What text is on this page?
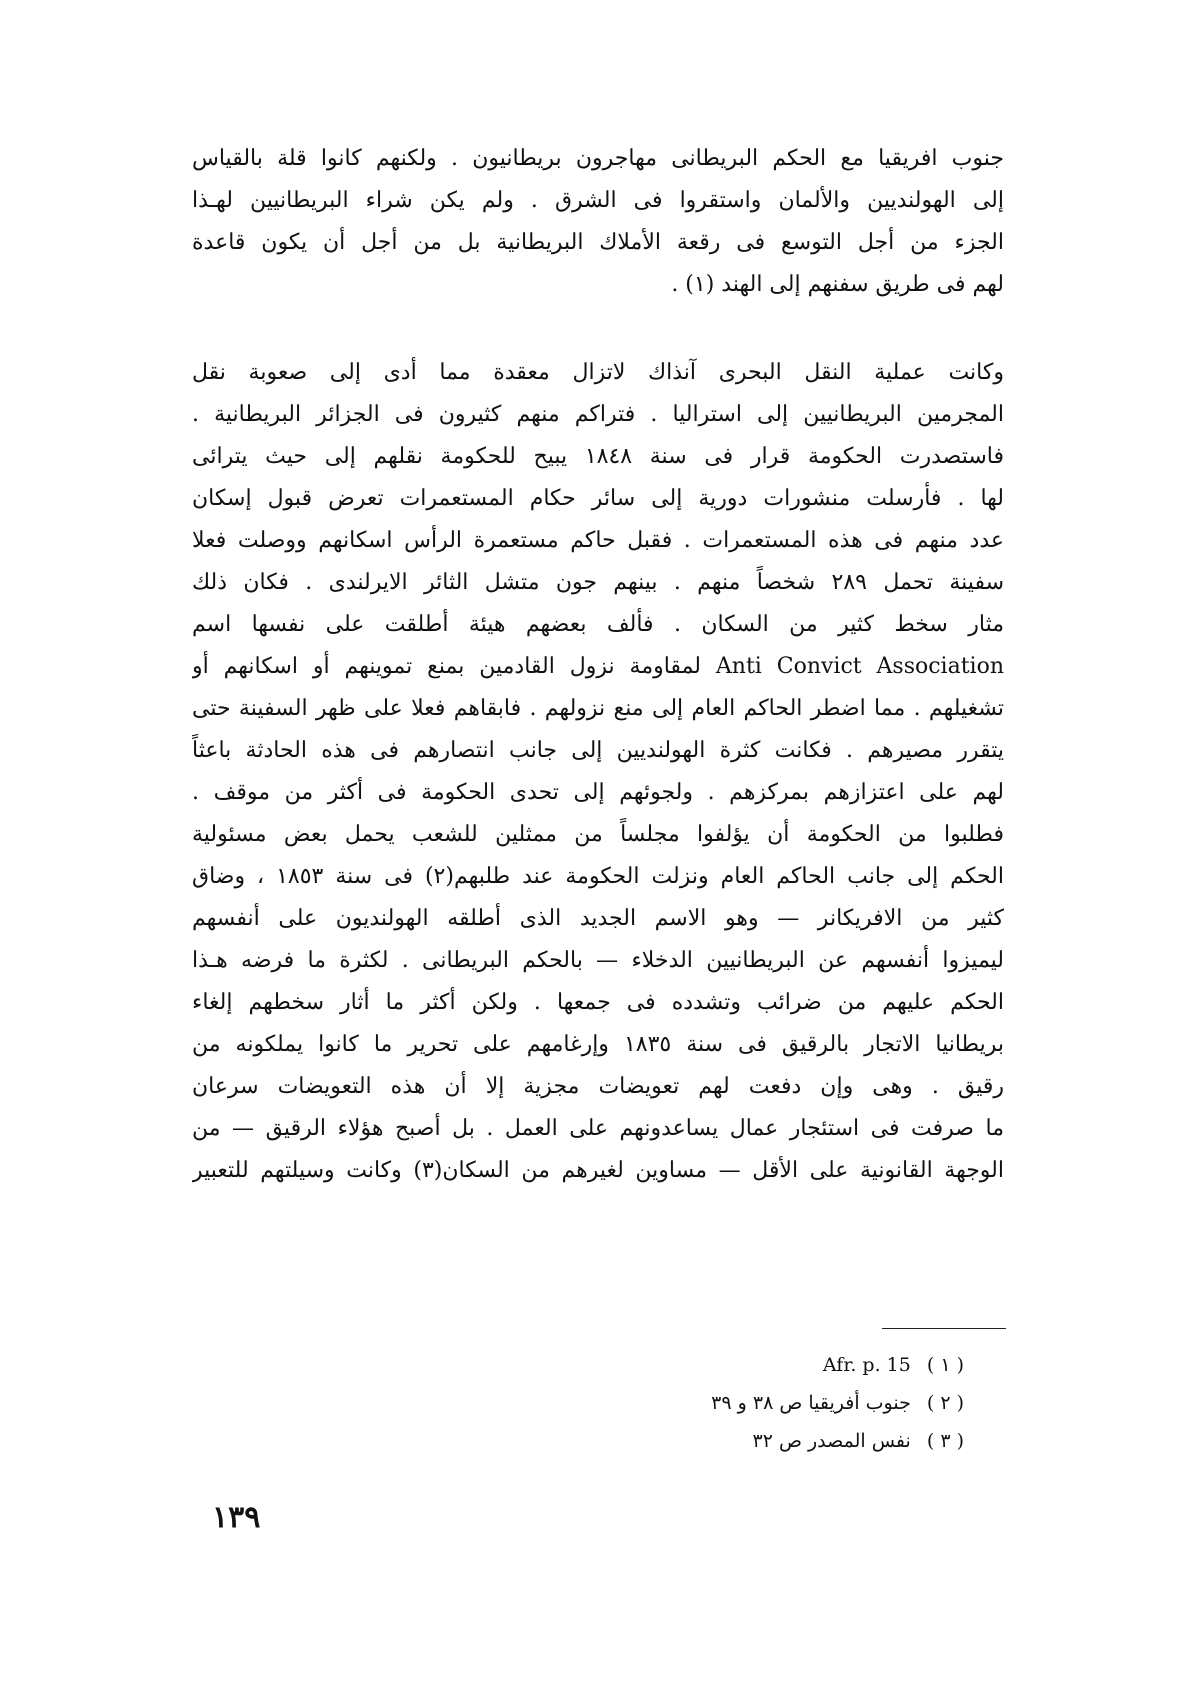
جنوب افريقيا مع الحكم البريطانى مهاجرون بريطانيون . ولكنهم كانوا قلة بالقياس
إلى الهولنديين والألمان واستقروا فى الشرق . ولم يكن شراء البريطانيين لهـذا
الجزء من أجل التوسع فى رقعة الأملاك البريطانية بل من أجل أن يكون قاعدة
لهم فى طريق سفنهم إلى الهند (١) .
وكانت عملية النقل البحرى آنذاك لاتزال معقدة مما أدى إلى صعوبة نقل
المجرمين البريطانيين إلى استراليا . فتراكم منهم كثيرون فى الجزائر البريطانية .
فاستصدرت الحكومة قرار فى سنة ١٨٤٨ يبيح للحكومة نقلهم إلى حيث يترائى
لها . فأرسلت منشورات دورية إلى سائر حكام المستعمرات تعرض قبول إسكان
عدد منهم فى هذه المستعمرات . فقبل حاكم مستعمرة الرأس اسكانهم ووصلت فعلا
سفينة تحمل ٢٨٩ شخصاً منهم . بينهم جون متشل الثائر الايرلندى . فكان ذلك
مثار سخط كثير من السكان . فألف بعضهم هيئة أطلقت على نفسها اسم
Anti Convict Association لمقاومة نزول القادمين بمنع تموينهم أو اسكانهم أو
تشغيلهم . مما اضطر الحاكم العام إلى منع نزولهم . فابقاهم فعلا على ظهر السفينة حتى
يتقرر مصيرهم . فكانت كثرة الهولنديين إلى جانب انتصارهم فى هذه الحادثة باعثاً
لهم على اعتزازهم بمركزهم . ولجوئهم إلى تحدى الحكومة فى أكثر من موقف .
فطلبوا من الحكومة أن يؤلفوا مجلساً من ممثلين للشعب يحمل بعض مسئولية
الحكم إلى جانب الحاكم العام ونزلت الحكومة عند طلبهم(٢) فى سنة ١٨٥٣ ، وضاق
كثير من الافريكانر — وهو الاسم الجديد الذى أطلقه الهولنديون على أنفسهم
ليميزوا أنفسهم عن البريطانيين الدخلاء — بالحكم البريطانى . لكثرة ما فرضه هـذا
الحكم عليهم من ضرائب وتشدده فى جمعها . ولكن أكثر ما أثار سخطهم إلغاء
بريطانيا الاتجار بالرقيق فى سنة ١٨٣٥ وإرغامهم على تحرير ما كانوا يملكونه من
رقيق . وهى وإن دفعت لهم تعويضات مجزية إلا أن هذه التعويضات سرعان
ما صرفت فى استئجار عمال يساعدونهم على العمل . بل أصبح هؤلاء الرقيق — من
الوجهة القانونية على الأقل — مساوين لغيرهم من السكان(٣) وكانت وسيلتهم للتعبير
( ١ ) Afr. p. 15
( ٢ ) جنوب أفريقيا ص ٣٨ و ٣٩
( ٣ ) نفس المصدر ص ٣٢
١٣٩
